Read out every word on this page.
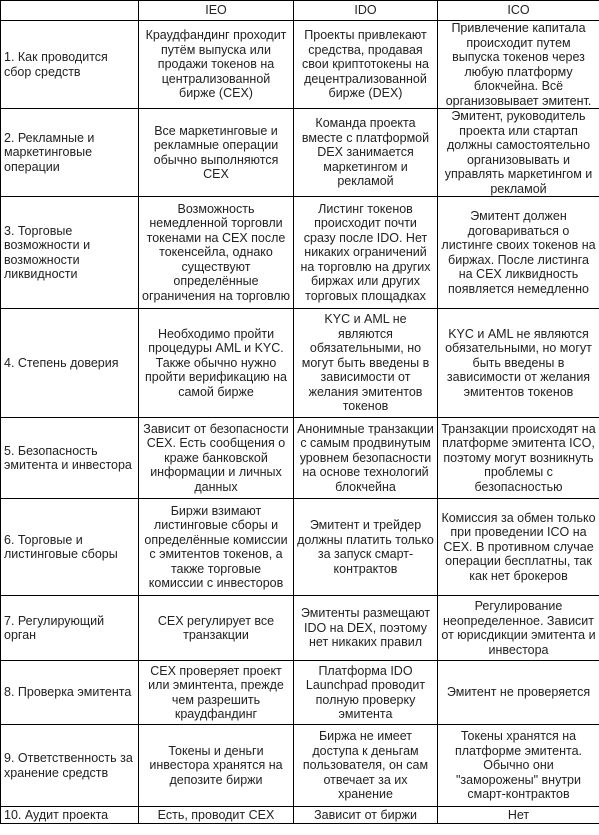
	IEO	IDO	ICO
1. Как проводится сбор средств	Краудфандинг проходит путём выпуска или продажи токенов на централизованной бирже (CEX)	Проекты привлекают средства, продавая свои криптотокены на децентрализованной бирже (DEX)	Привлечение капитала происходит путем выпуска токенов через любую платформу блокчейна. Всё организовывает эмитент.
2. Рекламные и маркетинговые операции	Все маркетинговые и рекламные операции обычно выполняются CEX	Команда проекта вместе с платформой DEX занимается маркетингом и рекламой	Эмитент, руководитель проекта или стартап должны самостоятельно организовывать и управлять маркетингом и рекламой
3. Торговые возможности и возможности ликвидности	Возможность немедленной торговли токенами на CEX после токенсейла, однако существуют определённые ограничения на торговлю	Листинг токенов происходит почти сразу после IDO. Нет никаких ограничений на торговлю на других биржах или других торговых площадках	Эмитент должен договариваться о листинге своих токенов на биржах. После листинга на CEX ликвидность появляется немедленно
4. Степень доверия	Необходимо пройти процедуры AML и KYC. Также обычно нужно пройти верификацию на самой бирже	KYC и AML не являются обязательными, но могут быть введены в зависимости от желания эмитентов токенов	KYC и AML не являются обязательными, но могут быть введены в зависимости от желания эмитентов токенов
5. Безопасность эмитента и инвестора	Зависит от безопасности CEX. Есть сообщения о краже банковской информации и личных данных	Анонимные транзакции с самым продвинутым уровнем безопасности на основе технологий блокчейна	Транзакции происходят на платформе эмитента ICO, поэтому могут возникнуть проблемы с безопасностью
6. Торговые и листинговые сборы	Биржи взимают листинговые сборы и определённые комиссии с эмитентов токенов, а также торговые комиссии с инвесторов	Эмитент и трейдер должны платить только за запуск смарт-контрактов	Комиссия за обмен только при проведении ICO на CEX. В противном случае операции бесплатны, так как нет брокеров
7. Регулирующий орган	CEX регулирует все транзакции	Эмитенты размещают IDO на DEX, поэтому нет никаких правил	Регулирование неопределенное. Зависит от юрисдикции эмитента и инвестора
8. Проверка эмитента	CEX проверяет проект или эминтента, прежде чем разрешить краудфандинг	Платформа IDO Launchpad проводит полную проверку эмитента	Эмитент не проверяется
9. Ответственность за хранение средств	Токены и деньги инвестора хранятся на депозите биржи	Биржа не имеет доступа к деньгам пользователя, он сам отвечает за их хранение	Токены хранятся на платформе эмитента. Обычно они "заморожены" внутри смарт-контрактов
10. Аудит проекта	Есть, проводит CEX	Зависит от биржи	Нет
